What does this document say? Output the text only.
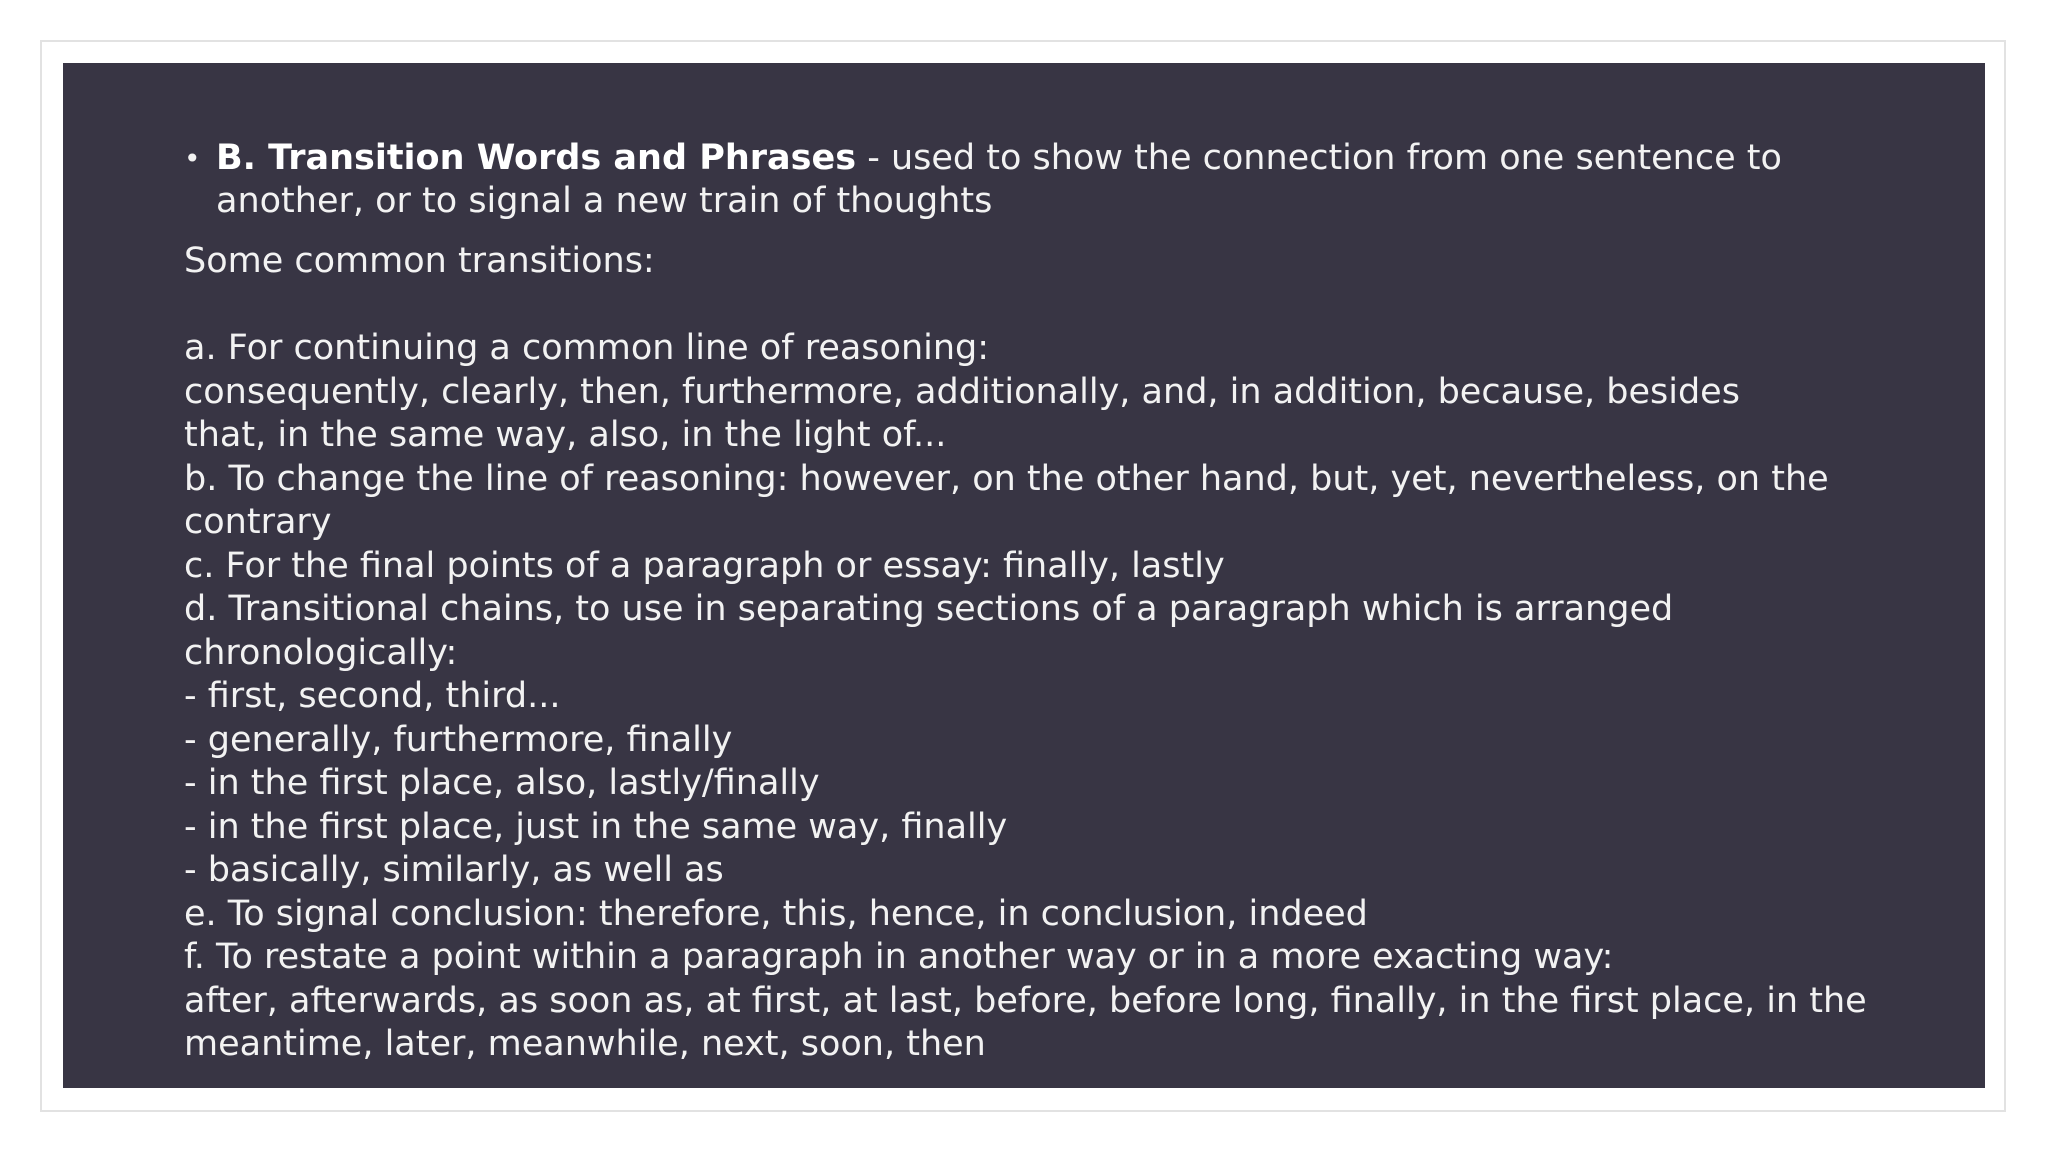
• B. Transition Words and Phrases - used to show the connection from one sentence to
another, or to signal a new train of thoughts
Some common transitions:
a. For continuing a common line of reasoning:
consequently, clearly, then, furthermore, additionally, and, in addition, because, besides
that, in the same way, also, in the light of...
b. To change the line of reasoning: however, on the other hand, but, yet, nevertheless, on the
contrary
c. For the final points of a paragraph or essay: finally, lastly
d. Transitional chains, to use in separating sections of a paragraph which is arranged
chronologically:
- first, second, third...
- generally, furthermore, finally
- in the first place, also, lastly/finally
- in the first place, just in the same way, finally
- basically, similarly, as well as
e. To signal conclusion: therefore, this, hence, in conclusion, indeed
f. To restate a point within a paragraph in another way or in a more exacting way:
after, afterwards, as soon as, at first, at last, before, before long, finally, in the first place, in the
meantime, later, meanwhile, next, soon, then
